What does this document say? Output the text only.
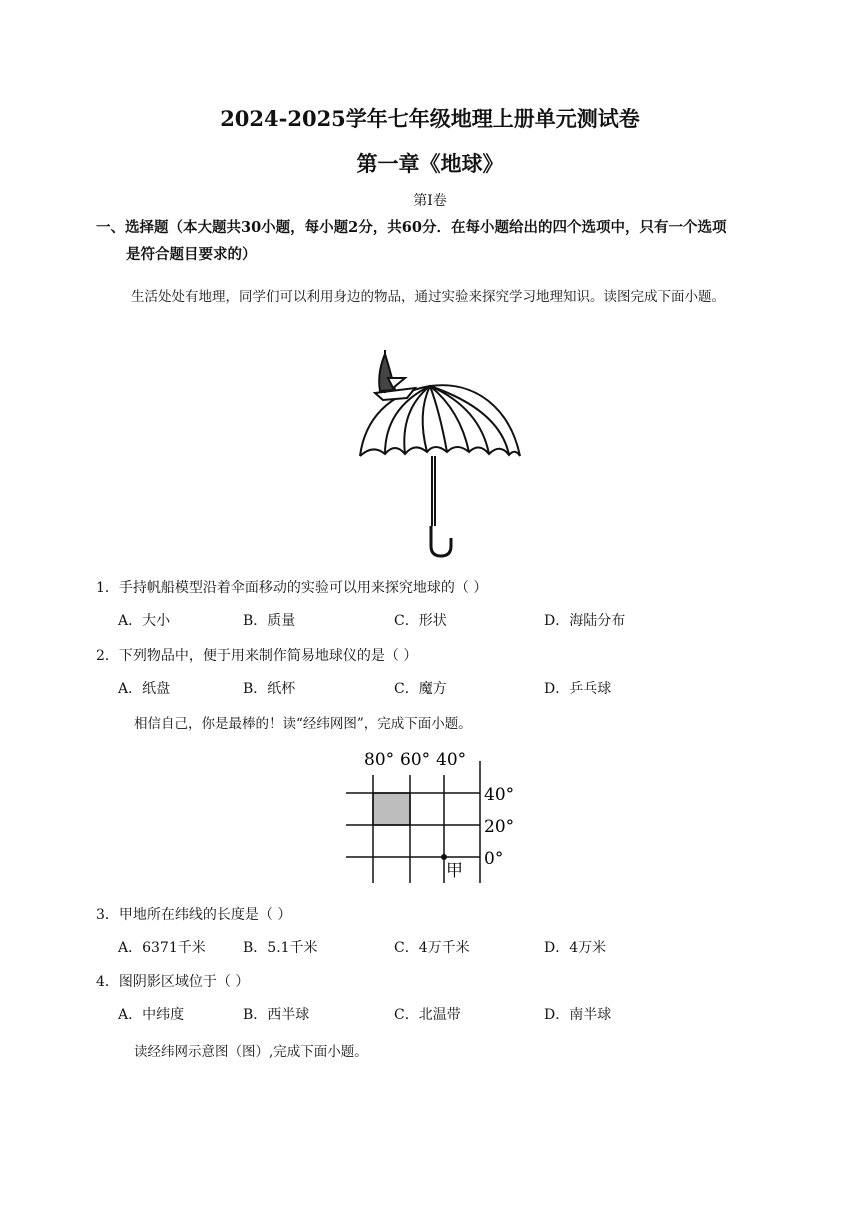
2024-2025学年七年级地理上册单元测试卷
第一章《地球》
第Ⅰ卷
一、选择题（本大题共30小题，每小题2分，共60分．在每小题给出的四个选项中，只有一个选项
是符合题目要求的）
生活处处有地理，同学们可以利用身边的物品，通过实验来探究学习地理知识。读图完成下面小题。
1．手持帆船模型沿着伞面移动的实验可以用来探究地球的（ ）
A．大小	B．质量	C．形状	D．海陆分布
2．下列物品中，便于用来制作简易地球仪的是（ ）
A．纸盘	B．纸杯	C．魔方	D．乒乓球
相信自己，你是最棒的！读“经纬网图”，完成下面小题。
80° 60° 40°
40°
20°
0°
甲
3．甲地所在纬线的长度是（ ）
A．6371千米	B．5.1千米	C．4万千米	D．4万米
4．图阴影区域位于（ ）
A．中纬度	B．西半球	C．北温带	D．南半球
读经纬网示意图（图）,完成下面小题。
